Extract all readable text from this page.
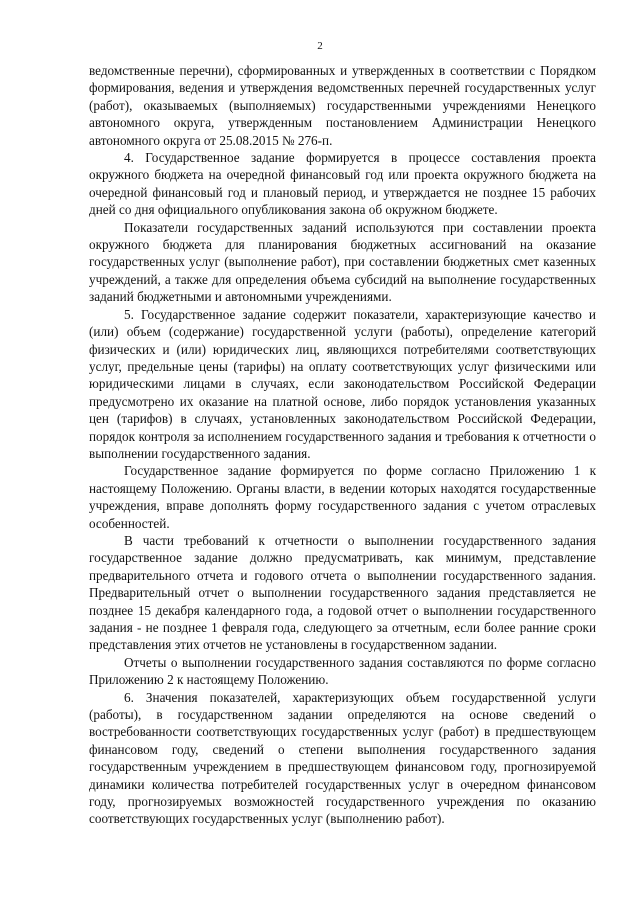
2

ведомственные перечни), сформированных и утвержденных в соответствии с Порядком формирования, ведения и утверждения ведомственных перечней государственных услуг (работ), оказываемых (выполняемых) государственными учреждениями Ненецкого автономного округа, утвержденным постановлением Администрации Ненецкого автономного округа от 25.08.2015 № 276-п.

4. Государственное задание формируется в процессе составления проекта окружного бюджета на очередной финансовый год или проекта окружного бюджета на очередной финансовый год и плановый период, и утверждается не позднее 15 рабочих дней со дня официального опубликования закона об окружном бюджете.

Показатели государственных заданий используются при составлении проекта окружного бюджета для планирования бюджетных ассигнований на оказание государственных услуг (выполнение работ), при составлении бюджетных смет казенных учреждений, а также для определения объема субсидий на выполнение государственных заданий бюджетными и автономными учреждениями.

5. Государственное задание содержит показатели, характеризующие качество и (или) объем (содержание) государственной услуги (работы), определение категорий физических и (или) юридических лиц, являющихся потребителями соответствующих услуг, предельные цены (тарифы) на оплату соответствующих услуг физическими или юридическими лицами в случаях, если законодательством Российской Федерации предусмотрено их оказание на платной основе, либо порядок установления указанных цен (тарифов) в случаях, установленных законодательством Российской Федерации, порядок контроля за исполнением государственного задания и требования к отчетности о выполнении государственного задания.

Государственное задание формируется по форме согласно Приложению 1 к настоящему Положению. Органы власти, в ведении которых находятся государственные учреждения, вправе дополнять форму государственного задания с учетом отраслевых особенностей.

В части требований к отчетности о выполнении государственного задания государственное задание должно предусматривать, как минимум, представление предварительного отчета и годового отчета о выполнении государственного задания. Предварительный отчет о выполнении государственного задания представляется не позднее 15 декабря календарного года, а годовой отчет о выполнении государственного задания - не позднее 1 февраля года, следующего за отчетным, если более ранние сроки представления этих отчетов не установлены в государственном задании.

Отчеты о выполнении государственного задания составляются по форме согласно Приложению 2 к настоящему Положению.

6. Значения показателей, характеризующих объем государственной услуги (работы), в государственном задании определяются на основе сведений о востребованности соответствующих государственных услуг (работ) в предшествующем финансовом году, сведений о степени выполнения государственного задания государственным учреждением в предшествующем финансовом году, прогнозируемой динамики количества потребителей государственных услуг в очередном финансовом году, прогнозируемых возможностей государственного учреждения по оказанию соответствующих государственных услуг (выполнению работ).
